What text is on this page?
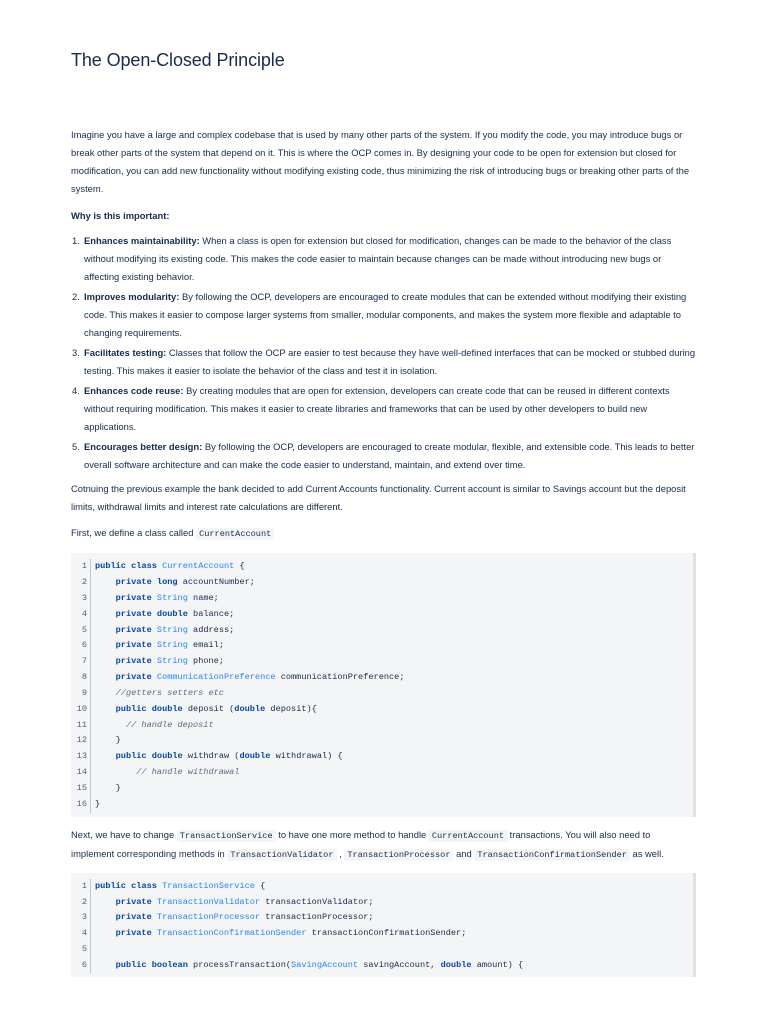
The Open-Closed Principle

Imagine you have a large and complex codebase that is used by many other parts of the system. If you modify the code, you may introduce bugs or break other parts of the system that depend on it. This is where the OCP comes in. By designing your code to be open for extension but closed for modification, you can add new functionality without modifying existing code, thus minimizing the risk of introducing bugs or breaking other parts of the system.

Why is this important:

1. Enhances maintainability: When a class is open for extension but closed for modification, changes can be made to the behavior of the class without modifying its existing code. This makes the code easier to maintain because changes can be made without introducing new bugs or affecting existing behavior.
2. Improves modularity: By following the OCP, developers are encouraged to create modules that can be extended without modifying their existing code. This makes it easier to compose larger systems from smaller, modular components, and makes the system more flexible and adaptable to changing requirements.
3. Facilitates testing: Classes that follow the OCP are easier to test because they have well-defined interfaces that can be mocked or stubbed during testing. This makes it easier to isolate the behavior of the class and test it in isolation.
4. Enhances code reuse: By creating modules that are open for extension, developers can create code that can be reused in different contexts without requiring modification. This makes it easier to create libraries and frameworks that can be used by other developers to build new applications.
5. Encourages better design: By following the OCP, developers are encouraged to create modular, flexible, and extensible code. This leads to better overall software architecture and can make the code easier to understand, maintain, and extend over time.

Cotnuing the previous example the bank decided to add Current Accounts functionality. Current account is similar to Savings account but the deposit limits, withdrawal limits and interest rate calculations are different.

First, we define a class called CurrentAccount

1
2
3
4
5
6
7
8
9
10
11
12
13
14
15
16
public class CurrentAccount {
private long accountNumber;
private String name;
private double balance;
private String address;
private String email;
private String phone;
private CommunicationPreference communicationPreference;
//getters setters etc
public double deposit (double deposit){
// handle deposit
}
public double withdraw (double withdrawal) {
// handle withdrawal
}
}

Next, we have to change TransactionService to have one more method to handle CurrentAccount transactions. You will also need to implement corresponding methods in TransactionValidator , TransactionProcessor and TransactionConfirmationSender as well.

1
2
3
4
5
6
public class TransactionService {
private TransactionValidator transactionValidator;
private TransactionProcessor transactionProcessor;
private TransactionConfirmationSender transactionConfirmationSender;
public boolean processTransaction(SavingAccount savingAccount, double amount) {
